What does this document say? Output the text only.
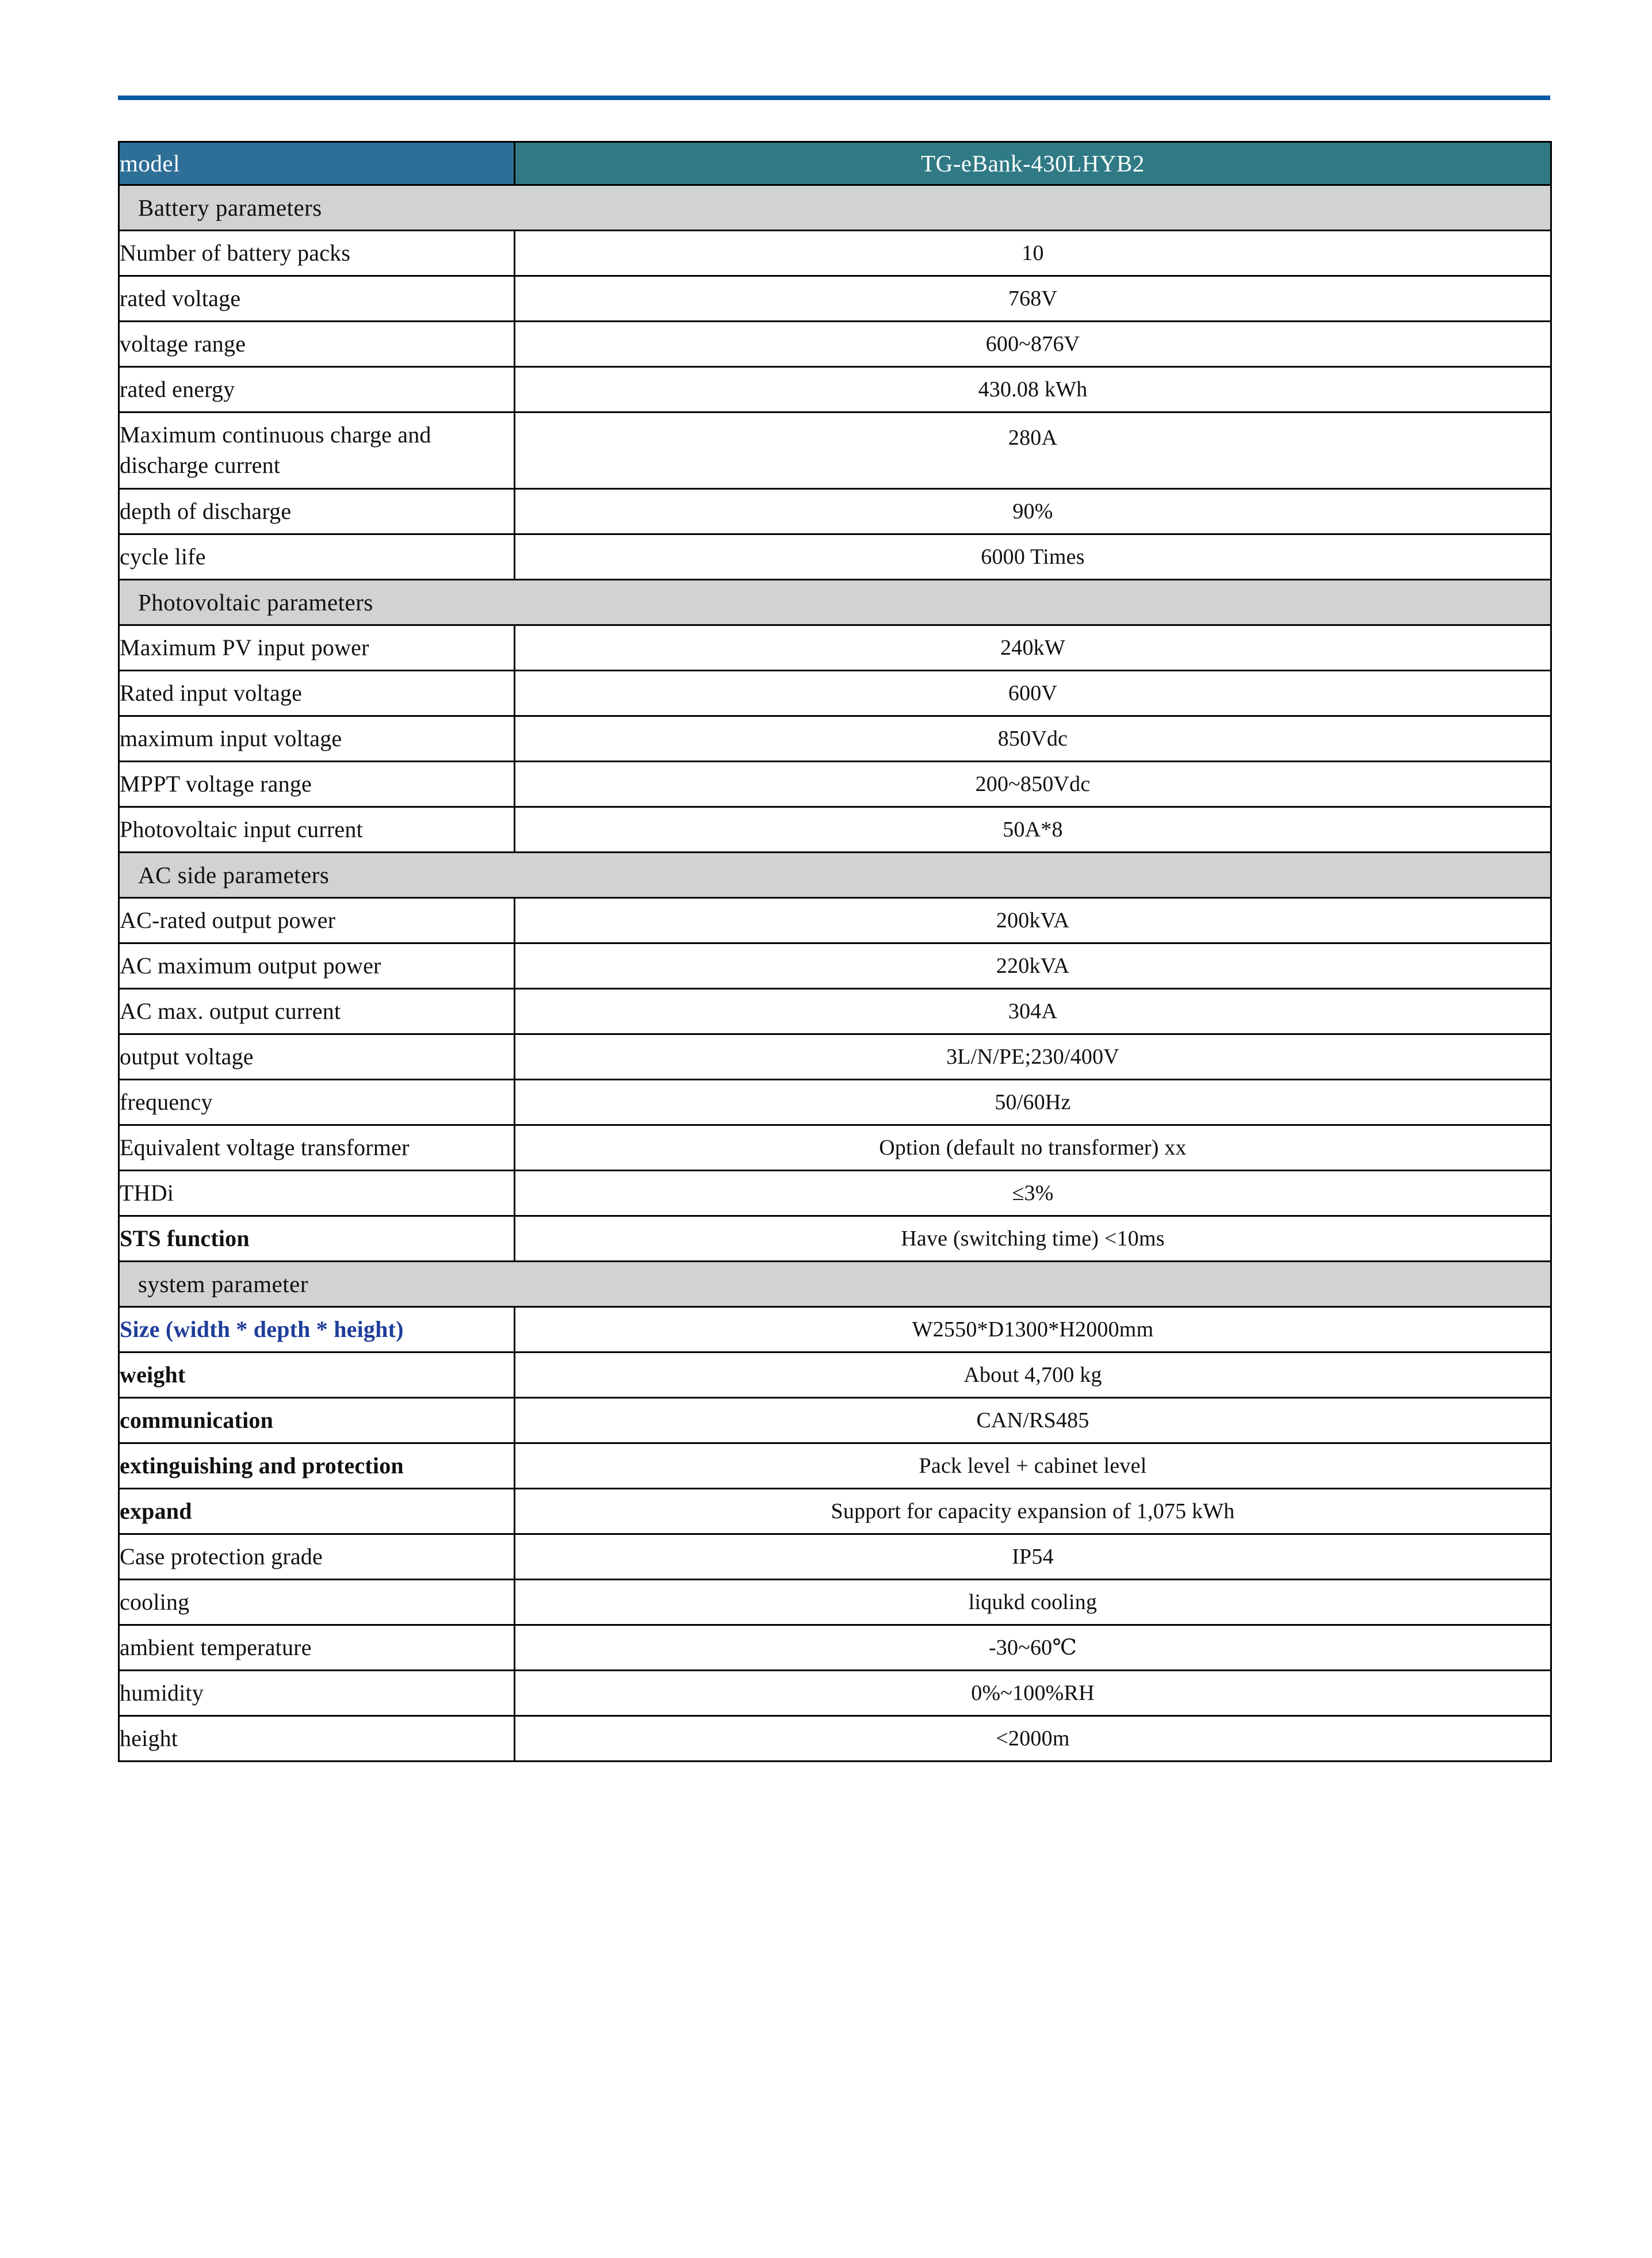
model	TG-eBank-430LHYB2
Battery parameters	
Number of battery packs	10
rated voltage	768V
voltage range	600~876V
rated energy	430.08 kWh
Maximum continuous charge and discharge current	280A
depth of discharge	90%
cycle life	6000 Times
Photovoltaic parameters	
Maximum PV input power	240kW
Rated input voltage	600V
maximum input voltage	850Vdc
MPPT voltage range	200~850Vdc
Photovoltaic input current	50A*8
AC side parameters	
AC-rated output power	200kVA
AC maximum output power	220kVA
AC max. output current	304A
output voltage	3L/N/PE;230/400V
frequency	50/60Hz
Equivalent voltage transformer	Option (default no transformer) xx
THDi	≤3%
STS function	Have (switching time) <10ms
system parameter	
Size (width * depth * height)	W2550*D1300*H2000mm
weight	About 4,700 kg
communication	CAN/RS485
extinguishing and protection	Pack level + cabinet level
expand	Support for capacity expansion of 1,075 kWh
Case protection grade	IP54
cooling	liqukd cooling
ambient temperature	-30~60℃
humidity	0%~100%RH
height	<2000m
